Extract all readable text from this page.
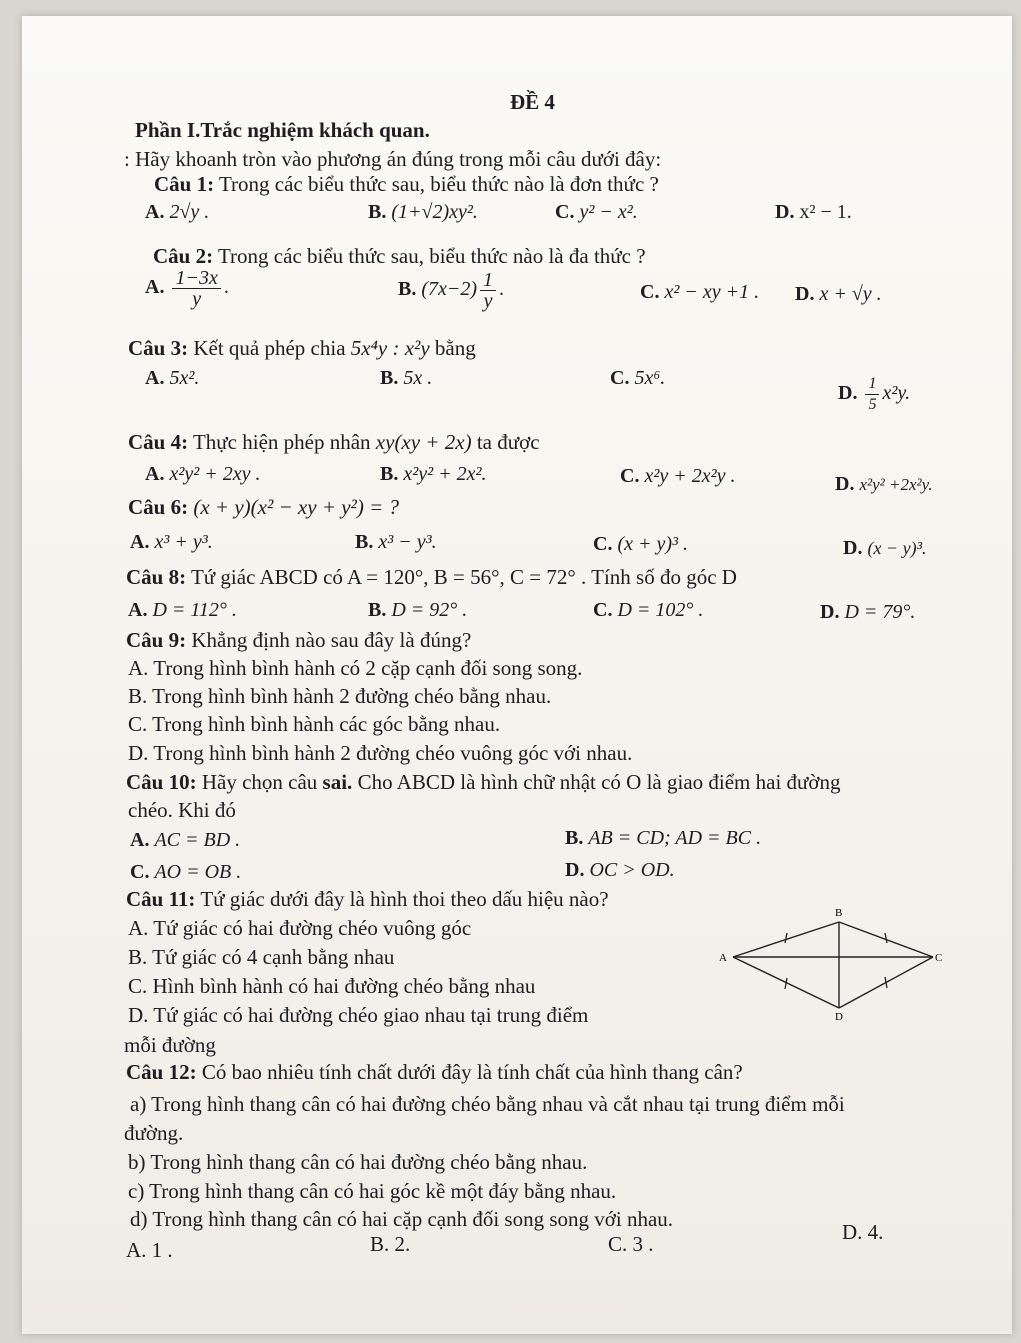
ĐỀ 4
Phần I.Trắc nghiệm khách quan.
: Hãy khoanh tròn vào phương án đúng trong mỗi câu dưới đây:
Câu 1: Trong các biểu thức sau, biểu thức nào là đơn thức ?
A. 2√y .	B. (1+√2)xy².	C. y² − x².	D. x² − 1.
Câu 2: Trong các biểu thức sau, biểu thức nào là đa thức ?
A. $\frac{1-3x}{y}$ .	B. $(7x-2) \frac{1}{y}$ .	C. x² − xy +1 . D. x + √y .
Câu 3: Kết quả phép chia 5x⁴y : x²y bằng
A. 5x².	B. 5x .	C. 5x⁶.
D. $\frac{1}{5} x^2y$.
Câu 4: Thực hiện phép nhân xy(xy + 2x) ta được
A. x²y² + 2xy .	B. x²y² + 2x².	C. x²y + 2x²y .	D. x²y² +2x²y.
Câu 6: (x + y)(x² − xy + y²) = ?
A. x³ + y³.	B. x³ − y³.	C. (x + y)³ .	D. (x − y)³.
Câu 8: Tứ giác ABCD có A = 120°, B = 56°, C = 72° . Tính số đo góc D
A. D = 112° .	B. D = 92° .	C. D = 102° .	D. D = 79°.
Câu 9: Khẳng định nào sau đây là đúng?
A. Trong hình bình hành có 2 cặp cạnh đối song song.
B. Trong hình bình hành 2 đường chéo bằng nhau.
C. Trong hình bình hành các góc bằng nhau.
D. Trong hình bình hành 2 đường chéo vuông góc với nhau.
Câu 10: Hãy chọn câu sai. Cho ABCD là hình chữ nhật có O là giao điểm hai đường
chéo. Khi đó
A. AC = BD .	B. AB = CD; AD = BC .
C. AO = OB .	D. OC > OD.
Câu 11: Tứ giác dưới đây là hình thoi theo dấu hiệu nào?
A. Tứ giác có hai đường chéo vuông góc
B. Tứ giác có 4 cạnh bằng nhau
C. Hình bình hành có hai đường chéo bằng nhau
D. Tứ giác có hai đường chéo giao nhau tại trung điểm
mỗi đường
B
A	C
D
Câu 12: Có bao nhiêu tính chất dưới đây là tính chất của hình thang cân?
a) Trong hình thang cân có hai đường chéo bằng nhau và cắt nhau tại trung điểm mỗi
đường.
b) Trong hình thang cân có hai đường chéo bằng nhau.
c) Trong hình thang cân có hai góc kề một đáy bằng nhau.
d) Trong hình thang cân có hai cặp cạnh đối song song với nhau.
A. 1 .	B. 2.	C. 3 .	D. 4.
